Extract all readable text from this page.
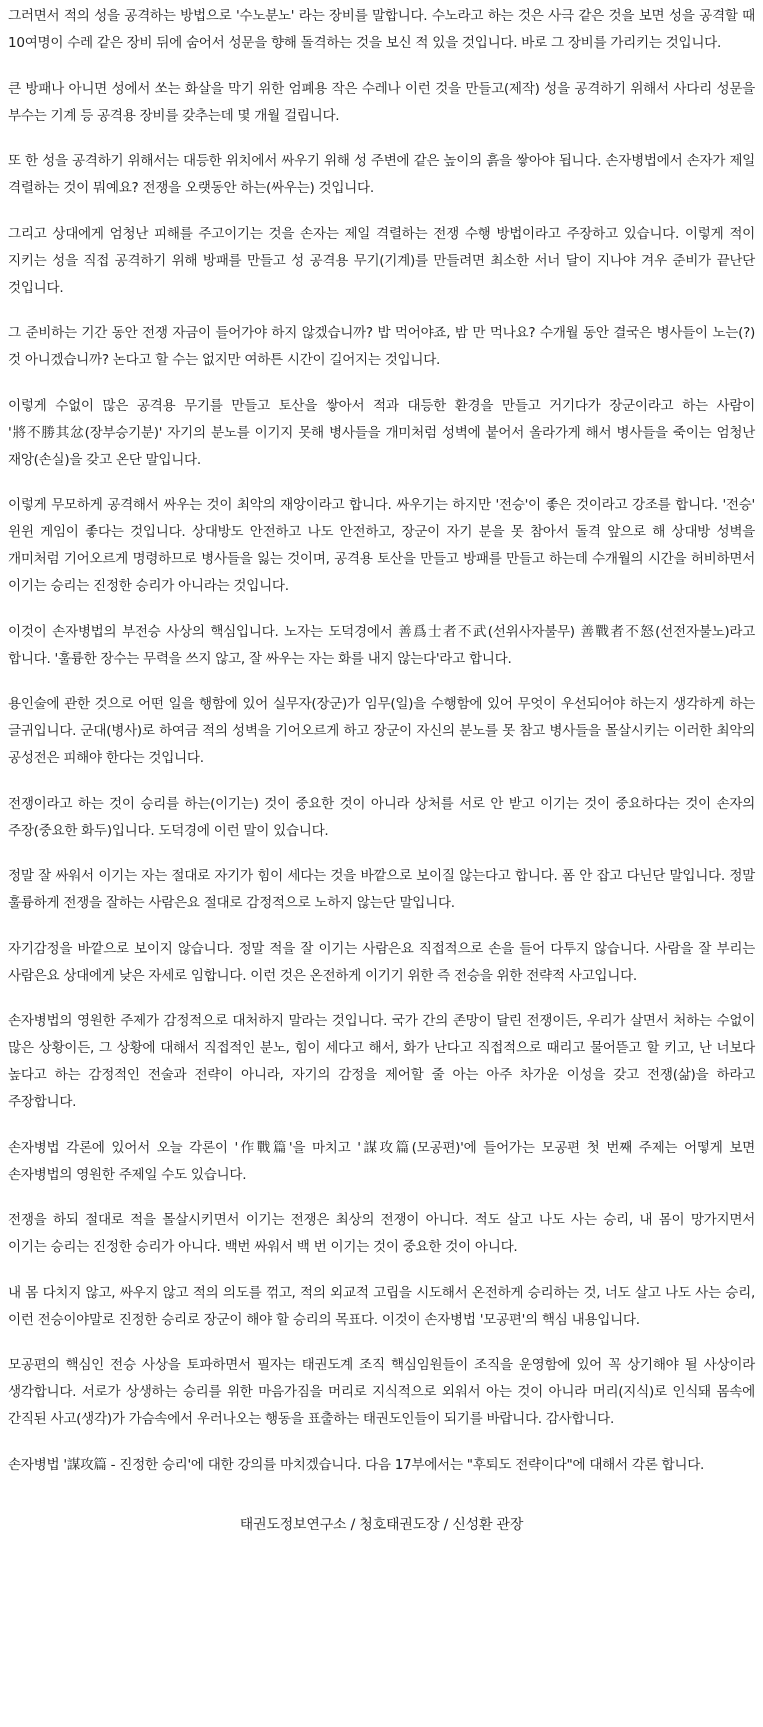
그러면서 적의 성을 공격하는 방법으로 '수노분노' 라는 장비를 말합니다. 수노라고 하는 것은 사극 같은 것을 보면 성을 공격할 때 10여명이 수레 같은 장비 뒤에 숨어서 성문을 향해 돌격하는 것을 보신 적 있을 것입니다. 바로 그 장비를 가리키는 것입니다.

큰 방패나 아니면 성에서 쏘는 화살을 막기 위한 엄폐용 작은 수레나 이런 것을 만들고(제작) 성을 공격하기 위해서 사다리 성문을 부수는 기계 등 공격용 장비를 갖추는데 몇 개월 걸립니다.

또 한 성을 공격하기 위해서는 대등한 위치에서 싸우기 위해 성 주변에 같은 높이의 흙을 쌓아야 됩니다. 손자병법에서 손자가 제일 격렬하는 것이 뭐예요? 전쟁을 오랫동안 하는(싸우는) 것입니다.

그리고 상대에게 엄청난 피해를 주고이기는 것을 손자는 제일 격렬하는 전쟁 수행 방법이라고 주장하고 있습니다. 이렇게 적이 지키는 성을 직접 공격하기 위해 방패를 만들고 성 공격용 무기(기계)를 만들려면 최소한 서너 달이 지나야 겨우 준비가 끝난단 것입니다.

그 준비하는 기간 동안 전쟁 자금이 들어가야 하지 않겠습니까? 밥 먹어야죠, 밤 만 먹나요? 수개월 동안 결국은 병사들이 노는(?) 것 아니겠습니까? 논다고 할 수는 없지만 여하튼 시간이 길어지는 것입니다.

이렇게 수없이 많은 공격용 무기를 만들고 토산을 쌓아서 적과 대등한 환경을 만들고 거기다가 장군이라고 하는 사람이 '將不勝其忿(장부승기분)' 자기의 분노를 이기지 못해 병사들을 개미처럼 성벽에 붙어서 올라가게 해서 병사들을 죽이는 엄청난 재앙(손실)을 갖고 온단 말입니다.

이렇게 무모하게 공격해서 싸우는 것이 최악의 재앙이라고 합니다. 싸우기는 하지만 '전승'이 좋은 것이라고 강조를 합니다. '전승' 윈윈 게임이 좋다는 것입니다. 상대방도 안전하고 나도 안전하고, 장군이 자기 분을 못 참아서 돌격 앞으로 해 상대방 성벽을 개미처럼 기어오르게 명령하므로 병사들을 잃는 것이며, 공격용 토산을 만들고 방패를 만들고 하는데 수개월의 시간을 허비하면서 이기는 승리는 진정한 승리가 아니라는 것입니다.

이것이 손자병법의 부전승 사상의 핵심입니다. 노자는 도덕경에서 善爲士者不武(선위사자불무) 善戰者不怒(선전자불노)라고 합니다. '훌륭한 장수는 무력을 쓰지 않고, 잘 싸우는 자는 화를 내지 않는다'라고 합니다.

용인술에 관한 것으로 어떤 일을 행함에 있어 실무자(장군)가 임무(일)을 수행함에 있어 무엇이 우선되어야 하는지 생각하게 하는 글귀입니다. 군대(병사)로 하여금 적의 성벽을 기어오르게 하고 장군이 자신의 분노를 못 참고 병사들을 몰살시키는 이러한 최악의 공성전은 피해야 한다는 것입니다.

전쟁이라고 하는 것이 승리를 하는(이기는) 것이 중요한 것이 아니라 상처를 서로 안 받고 이기는 것이 중요하다는 것이 손자의 주장(중요한 화두)입니다. 도덕경에 이런 말이 있습니다.

정말 잘 싸워서 이기는 자는 절대로 자기가 힘이 세다는 것을 바깥으로 보이질 않는다고 합니다. 폼 안 잡고 다닌단 말입니다. 정말 훌륭하게 전쟁을 잘하는 사람은요 절대로 감정적으로 노하지 않는단 말입니다.

자기감정을 바깥으로 보이지 않습니다. 정말 적을 잘 이기는 사람은요 직접적으로 손을 들어 다투지 않습니다. 사람을 잘 부리는 사람은요 상대에게 낮은 자세로 임합니다. 이런 것은 온전하게 이기기 위한 즉 전승을 위한 전략적 사고입니다.

손자병법의 영원한 주제가 감정적으로 대처하지 말라는 것입니다. 국가 간의 존망이 달린 전쟁이든, 우리가 살면서 처하는 수없이 많은 상황이든, 그 상황에 대해서 직접적인 분노, 힘이 세다고 해서, 화가 난다고 직접적으로 때리고 물어뜯고 할 키고, 난 너보다 높다고 하는 감정적인 전술과 전략이 아니라, 자기의 감정을 제어할 줄 아는 아주 차가운 이성을 갖고 전쟁(삶)을 하라고 주장합니다.

손자병법 각론에 있어서 오늘 각론이 '作戰篇'을 마치고 '謀攻篇(모공편)'에 들어가는 모공편 첫 번째 주제는 어떻게 보면 손자병법의 영원한 주제일 수도 있습니다.

전쟁을 하되 절대로 적을 몰살시키면서 이기는 전쟁은 최상의 전쟁이 아니다. 적도 살고 나도 사는 승리, 내 몸이 망가지면서 이기는 승리는 진정한 승리가 아니다. 백번 싸워서 백 번 이기는 것이 중요한 것이 아니다.

내 몸 다치지 않고, 싸우지 않고 적의 의도를 꺾고, 적의 외교적 고립을 시도해서 온전하게 승리하는 것, 너도 살고 나도 사는 승리, 이런 전승이야말로 진정한 승리로 장군이 해야 할 승리의 목표다. 이것이 손자병법 '모공편'의 핵심 내용입니다.

모공편의 핵심인 전승 사상을 토파하면서 필자는 태권도계 조직 핵심임원들이 조직을 운영함에 있어 꼭 상기해야 될 사상이라 생각합니다. 서로가 상생하는 승리를 위한 마음가짐을 머리로 지식적으로 외워서 아는 것이 아니라 머리(지식)로 인식돼 몸속에 간직된 사고(생각)가 가슴속에서 우러나오는 행동을 표출하는 태권도인들이 되기를 바랍니다. 감사합니다.

손자병법 '謀攻篇 - 진정한 승리'에 대한 강의를 마치겠습니다. 다음 17부에서는 "후퇴도 전략이다"에 대해서 각론 합니다.

태권도정보연구소 / 청호태권도장 / 신성환 관장
